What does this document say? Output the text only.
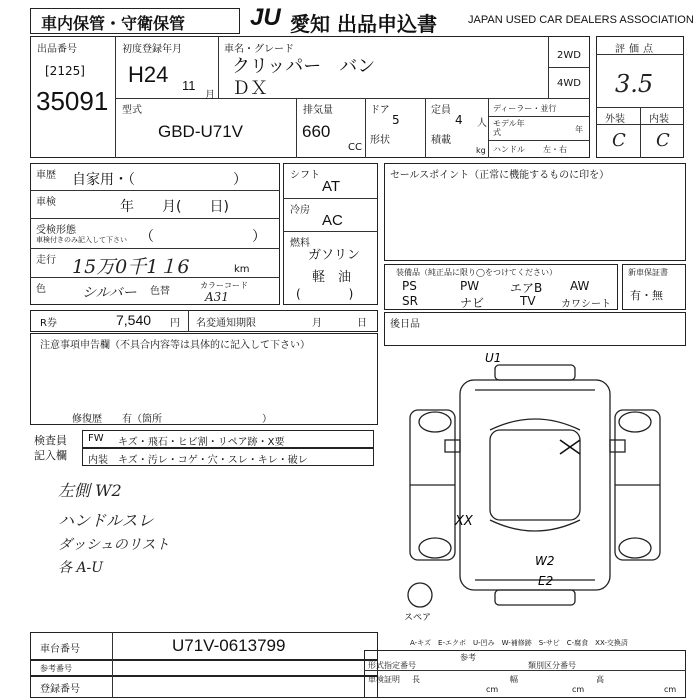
車内保管・守衛保管	JU 愛知 出品申込書	JAPAN USED CAR DEALERS ASSOCIATION
出品番号
[2125]
35091
初度登録年月
H24 11
月
車名・グレード
クリッパー　バン
ＤＸ
2WD
4WD
型式
GBD-U71V
排気量
660
CC
ドア
5
形状
定員
4 人
積載
kg
ディーラー・並行
モデル年式	年
ハンドル 左・右
評価点
3.5
外装 内装
C C
車歴 自家用・（　　　　　　　）
車検	年　　月(　　日)
受検形態
車検付きのみ記入して下さい （　　　　　　　）
走行 15万0千1１6	km
色	シルバー 色替
カラーコード
A31
シフト
AT
冷房
AC
燃料
ガソリン
軽　油
(　　　　)
セールスポイント（正常に機能するものに印を）
装備品（純正品に限り◯をつけてください）
PS	PW	エアB AW
SR	ナビ	TV	カワシート
新車保証書
有・無
R券	7,540 円 名変通知期限	月	日 後日品
注意事項申告欄（不具合内容等は具体的に記入して下さい）
修復歴 有（箇所	）
検査員記入欄
FW キズ・飛石・ヒビ割・リペア跡・X要
内装 キズ・汚レ・コゲ・穴・スレ・キレ・破レ
左側 W2
ハンドルスレ
ダッシュのリスト
各 A-U
U1
X
XX
W2
E2
スペア
A-キズ　E-エクボ　U-凹み　W-補修跡　S-サビ　C-腐食　XX-交換済
車台番号	U71V-0613799
参考番号
登録番号
参考
形式指定番号	類別区分番号
車検証明 長	幅	高
cm	cm	cm
